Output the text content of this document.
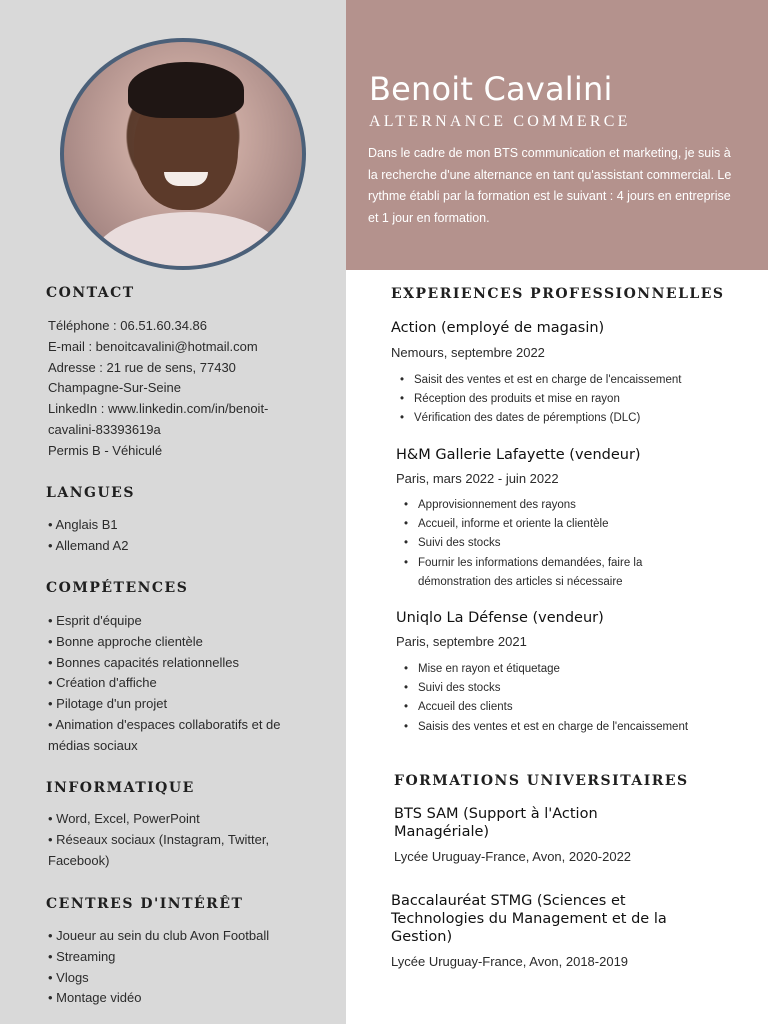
Benoit Cavalini
ALTERNANCE COMMERCE

Dans le cadre de mon BTS communication et marketing, je suis à la recherche d'une alternance en tant qu'assistant commercial. Le rythme établi par la formation est le suivant : 4 jours en entreprise et 1 jour en formation.

CONTACT
Téléphone : 06.51.60.34.86
E-mail : benoitcavalini@hotmail.com
Adresse : 21 rue de sens, 77430
Champagne-Sur-Seine
LinkedIn : www.linkedin.com/in/benoit-
cavalini-83393619a
Permis B - Véhiculé
LANGUES
• Anglais B1
• Allemand A2
COMPÉTENCES
• Esprit d'équipe
• Bonne approche clientèle
• Bonnes capacités relationnelles
• Création d'affiche
• Pilotage d'un projet
• Animation d'espaces collaboratifs et de
médias sociaux
INFORMATIQUE
• Word, Excel, PowerPoint
• Réseaux sociaux (Instagram, Twitter,
Facebook)
CENTRES D'INTÉRÊT
• Joueur au sein du club Avon Football
• Streaming
• Vlogs
• Montage vidéo
EXPERIENCES PROFESSIONNELLES
Action (employé de magasin)
Nemours, septembre 2022
• Saisit des ventes et est en charge de l'encaissement
• Réception des produits et mise en rayon
• Vérification des dates de péremptions (DLC)
H&M Gallerie Lafayette (vendeur)
Paris, mars 2022 - juin 2022
• Approvisionnement des rayons
• Accueil, informe et oriente la clientèle
• Suivi des stocks
• Fournir les informations demandées, faire la
démonstration des articles si nécessaire
Uniqlo La Défense (vendeur)
Paris, septembre 2021
• Mise en rayon et étiquetage
• Suivi des stocks
• Accueil des clients
• Saisis des ventes et est en charge de l'encaissement
FORMATIONS UNIVERSITAIRES
BTS SAM (Support à l'Action
Managériale)
Lycée Uruguay-France, Avon, 2020-2022
Baccalauréat STMG (Sciences et
Technologies du Management et de la
Gestion)
Lycée Uruguay-France, Avon, 2018-2019
